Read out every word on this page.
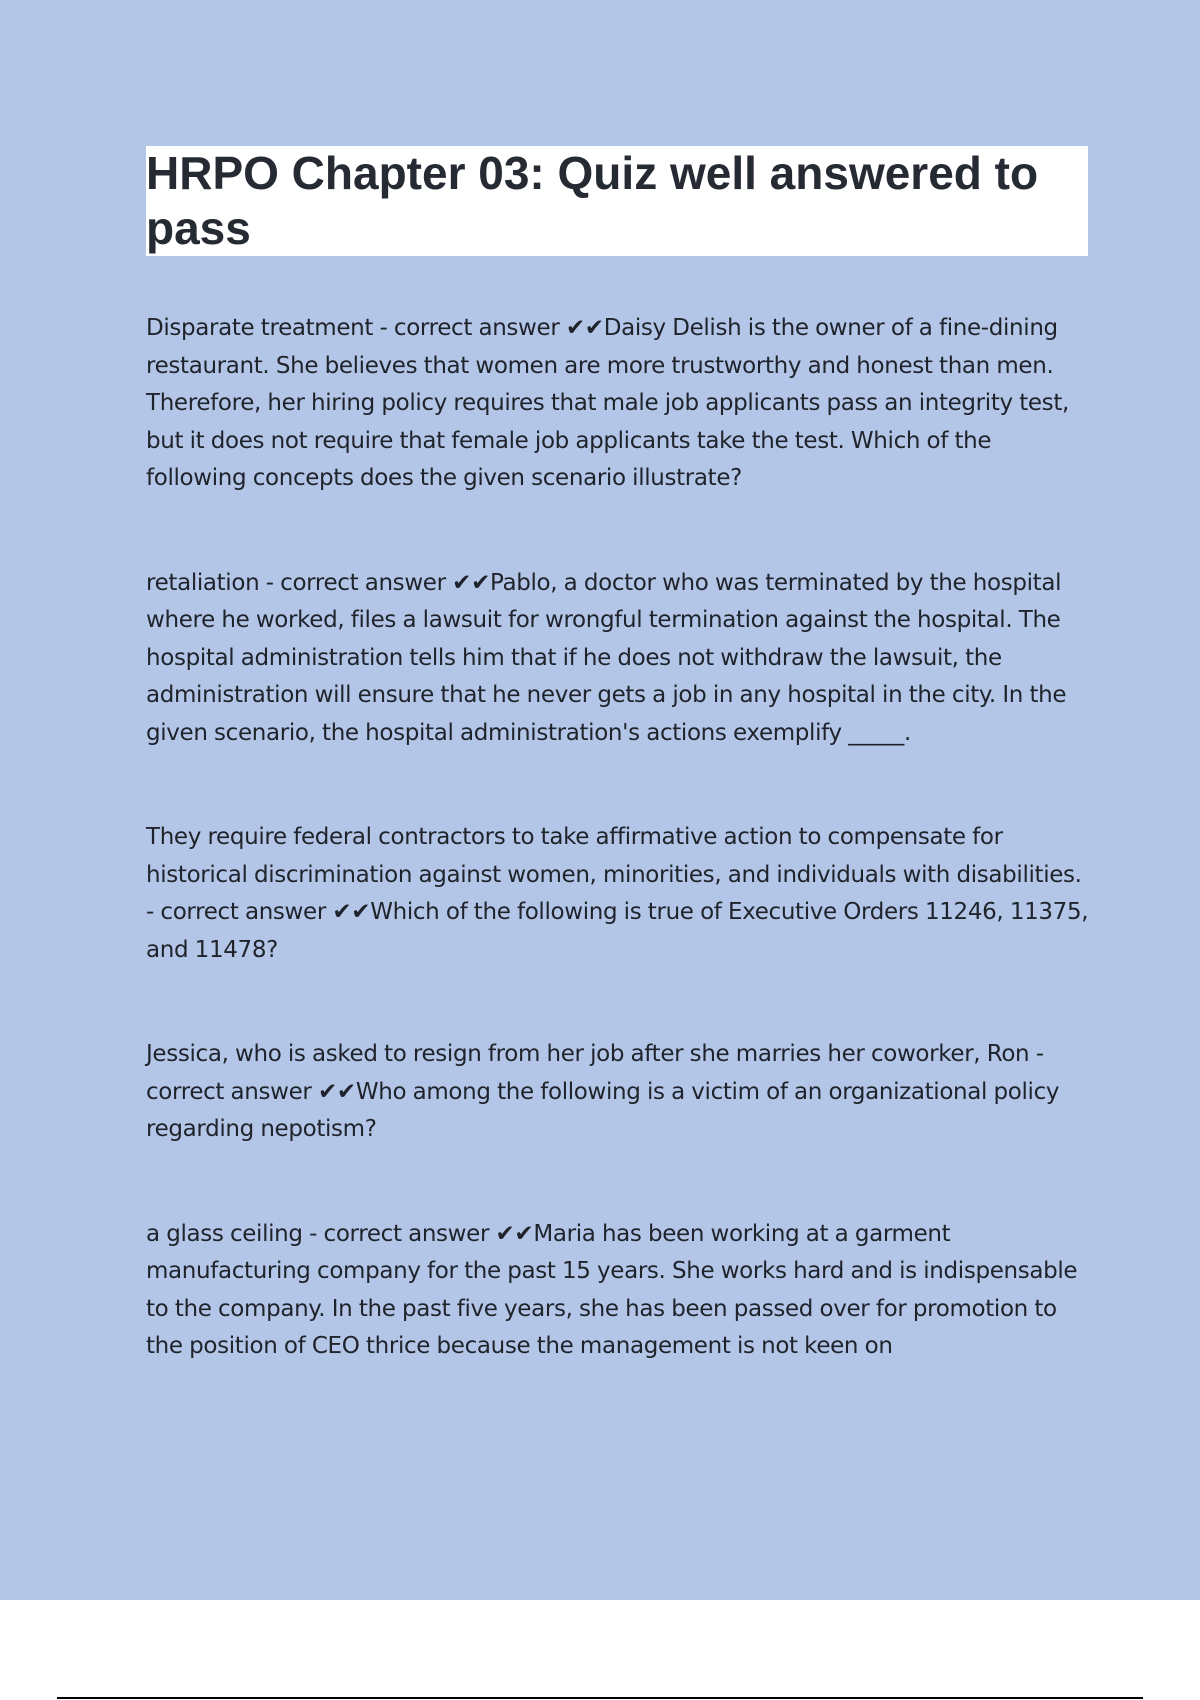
HRPO Chapter 03: Quiz well answered to pass

Disparate treatment - correct answer ✔✔Daisy Delish is the owner of a fine-dining restaurant. She believes that women are more trustworthy and honest than men. Therefore, her hiring policy requires that male job applicants pass an integrity test, but it does not require that female job applicants take the test. Which of the following concepts does the given scenario illustrate?

retaliation - correct answer ✔✔Pablo, a doctor who was terminated by the hospital where he worked, files a lawsuit for wrongful termination against the hospital. The hospital administration tells him that if he does not withdraw the lawsuit, the administration will ensure that he never gets a job in any hospital in the city. In the given scenario, the hospital administration's actions exemplify _____.

They require federal contractors to take affirmative action to compensate for historical discrimination against women, minorities, and individuals with disabilities. - correct answer ✔✔Which of the following is true of Executive Orders 11246, 11375, and 11478?

Jessica, who is asked to resign from her job after she marries her coworker, Ron - correct answer ✔✔Who among the following is a victim of an organizational policy regarding nepotism?

a glass ceiling - correct answer ✔✔Maria has been working at a garment manufacturing company for the past 15 years. She works hard and is indispensable to the company. In the past five years, she has been passed over for promotion to the position of CEO thrice because the management is not keen on
